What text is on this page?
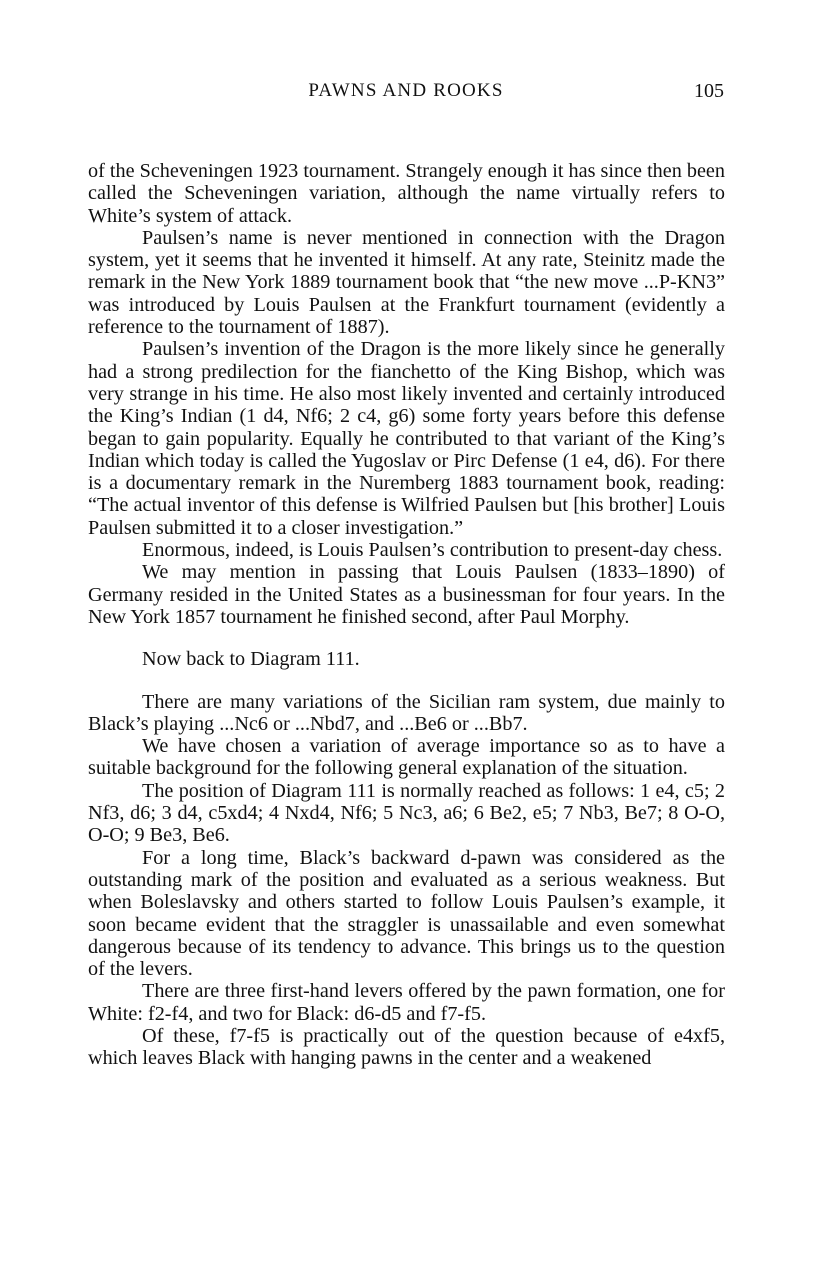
PAWNS AND ROOKS	105

of the Scheveningen 1923 tournament. Strangely enough it has since then been called the Scheveningen variation, although the name virtually refers to White’s system of attack.

Paulsen’s name is never mentioned in connection with the Dragon system, yet it seems that he invented it himself. At any rate, Steinitz made the remark in the New York 1889 tournament book that “the new move ...P-KN3” was introduced by Louis Paulsen at the Frankfurt tournament (evidently a reference to the tournament of 1887).

Paulsen’s invention of the Dragon is the more likely since he generally had a strong predilection for the fianchetto of the King Bishop, which was very strange in his time. He also most likely invented and certainly introduced the King’s Indian (1 d4, Nf6; 2 c4, g6) some forty years before this defense began to gain popularity. Equally he contributed to that variant of the King’s Indian which today is called the Yugoslav or Pirc Defense (1 e4, d6). For there is a documentary remark in the Nuremberg 1883 tournament book, reading: “The actual inventor of this defense is Wilfried Paulsen but [his brother] Louis Paulsen submitted it to a closer investigation.”

Enormous, indeed, is Louis Paulsen’s contribution to present-day chess.

We may mention in passing that Louis Paulsen (1833–1890) of Germany resided in the United States as a businessman for four years. In the New York 1857 tournament he finished second, after Paul Morphy.

Now back to Diagram 111.

There are many variations of the Sicilian ram system, due mainly to Black’s playing ...Nc6 or ...Nbd7, and ...Be6 or ...Bb7.

We have chosen a variation of average importance so as to have a suitable background for the following general explanation of the situation.

The position of Diagram 111 is normally reached as follows: 1 e4, c5; 2 Nf3, d6; 3 d4, c5xd4; 4 Nxd4, Nf6; 5 Nc3, a6; 6 Be2, e5; 7 Nb3, Be7; 8 O-O, O-O; 9 Be3, Be6.

For a long time, Black’s backward d-pawn was considered as the outstanding mark of the position and evaluated as a serious weakness. But when Boleslavsky and others started to follow Louis Paulsen’s example, it soon became evident that the straggler is unassailable and even somewhat dangerous because of its tendency to advance. This brings us to the question of the levers.

There are three first-hand levers offered by the pawn formation, one for White: f2-f4, and two for Black: d6-d5 and f7-f5.

Of these, f7-f5 is practically out of the question because of e4xf5, which leaves Black with hanging pawns in the center and a weakened
